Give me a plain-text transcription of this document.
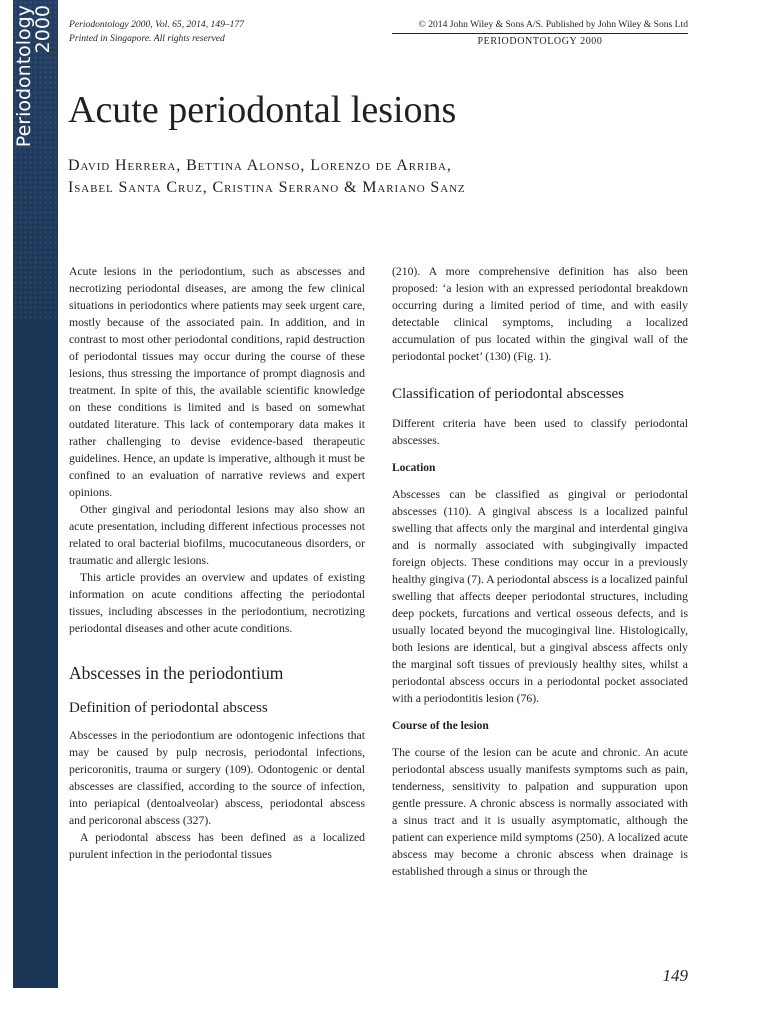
Periodontology
2000 Periodontology 2000, Vol. 65, 2014, 149–177
Printed in Singapore. All rights reserved
© 2014 John Wiley & Sons A/S. Published by John Wiley & Sons Ltd
PERIODONTOLOGY 2000
Acute periodontal lesions
David Herrera, Bettina Alonso, Lorenzo de Arriba,
Isabel Santa Cruz, Cristina Serrano & Mariano Sanz

Acute lesions in the periodontium, such as abscesses and necrotizing periodontal diseases, are among the few clinical situations in periodontics where patients may seek urgent care, mostly because of the associated pain. In addition, and in contrast to most other periodontal conditions, rapid destruction of periodontal tissues may occur during the course of these lesions, thus stressing the importance of prompt diagnosis and treatment. In spite of this, the available scientific knowledge on these conditions is limited and is based on somewhat outdated literature. This lack of contemporary data makes it rather challenging to devise evidence-based therapeutic guidelines. Hence, an update is imperative, although it must be confined to an evaluation of narrative reviews and expert opinions.

Other gingival and periodontal lesions may also show an acute presentation, including different infectious processes not related to oral bacterial biofilms, mucocutaneous disorders, or traumatic and allergic lesions.

This article provides an overview and updates of existing information on acute conditions affecting the periodontal tissues, including abscesses in the periodontium, necrotizing periodontal diseases and other acute conditions.

Abscesses in the periodontium
Definition of periodontal abscess

Abscesses in the periodontium are odontogenic infections that may be caused by pulp necrosis, periodontal infections, pericoronitis, trauma or surgery (109). Odontogenic or dental abscesses are classified, according to the source of infection, into periapical (dentoalveolar) abscess, periodontal abscess and pericoronal abscess (327).

A periodontal abscess has been defined as a localized purulent infection in the periodontal tissues

(210). A more comprehensive definition has also been proposed: ‘a lesion with an expressed periodontal breakdown occurring during a limited period of time, and with easily detectable clinical symptoms, including a localized accumulation of pus located within the gingival wall of the periodontal pocket’ (130) (Fig. 1).

Classification of periodontal abscesses

Different criteria have been used to classify periodontal abscesses.

Location

Abscesses can be classified as gingival or periodontal abscesses (110). A gingival abscess is a localized painful swelling that affects only the marginal and interdental gingiva and is normally associated with subgingivally impacted foreign objects. These conditions may occur in a previously healthy gingiva (7). A periodontal abscess is a localized painful swelling that affects deeper periodontal structures, including deep pockets, furcations and vertical osseous defects, and is usually located beyond the mucogingival line. Histologically, both lesions are identical, but a gingival abscess affects only the marginal soft tissues of previously healthy sites, whilst a periodontal abscess occurs in a periodontal pocket associated with a periodontitis lesion (76).

Course of the lesion

The course of the lesion can be acute and chronic. An acute periodontal abscess usually manifests symptoms such as pain, tenderness, sensitivity to palpation and suppuration upon gentle pressure. A chronic abscess is normally associated with a sinus tract and it is usually asymptomatic, although the patient can experience mild symptoms (250). A localized acute abscess may become a chronic abscess when drainage is established through a sinus or through the

149
